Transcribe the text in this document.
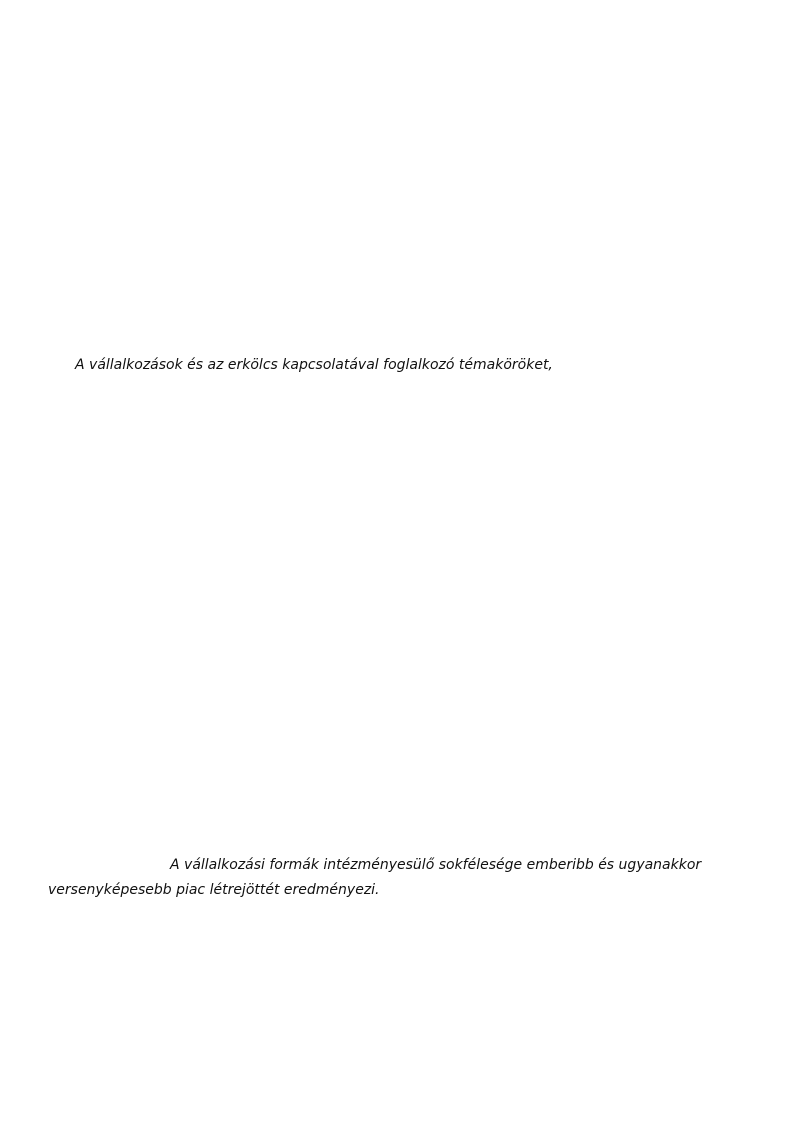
A vállalkozások és az erkölcs kapcsolatával foglalkozó témaköröket,
A vállalkozási formák intézményesülő sokfélesége emberibb és ugyanakkor
versenyképesebb piac létrejöttét eredményezi.
